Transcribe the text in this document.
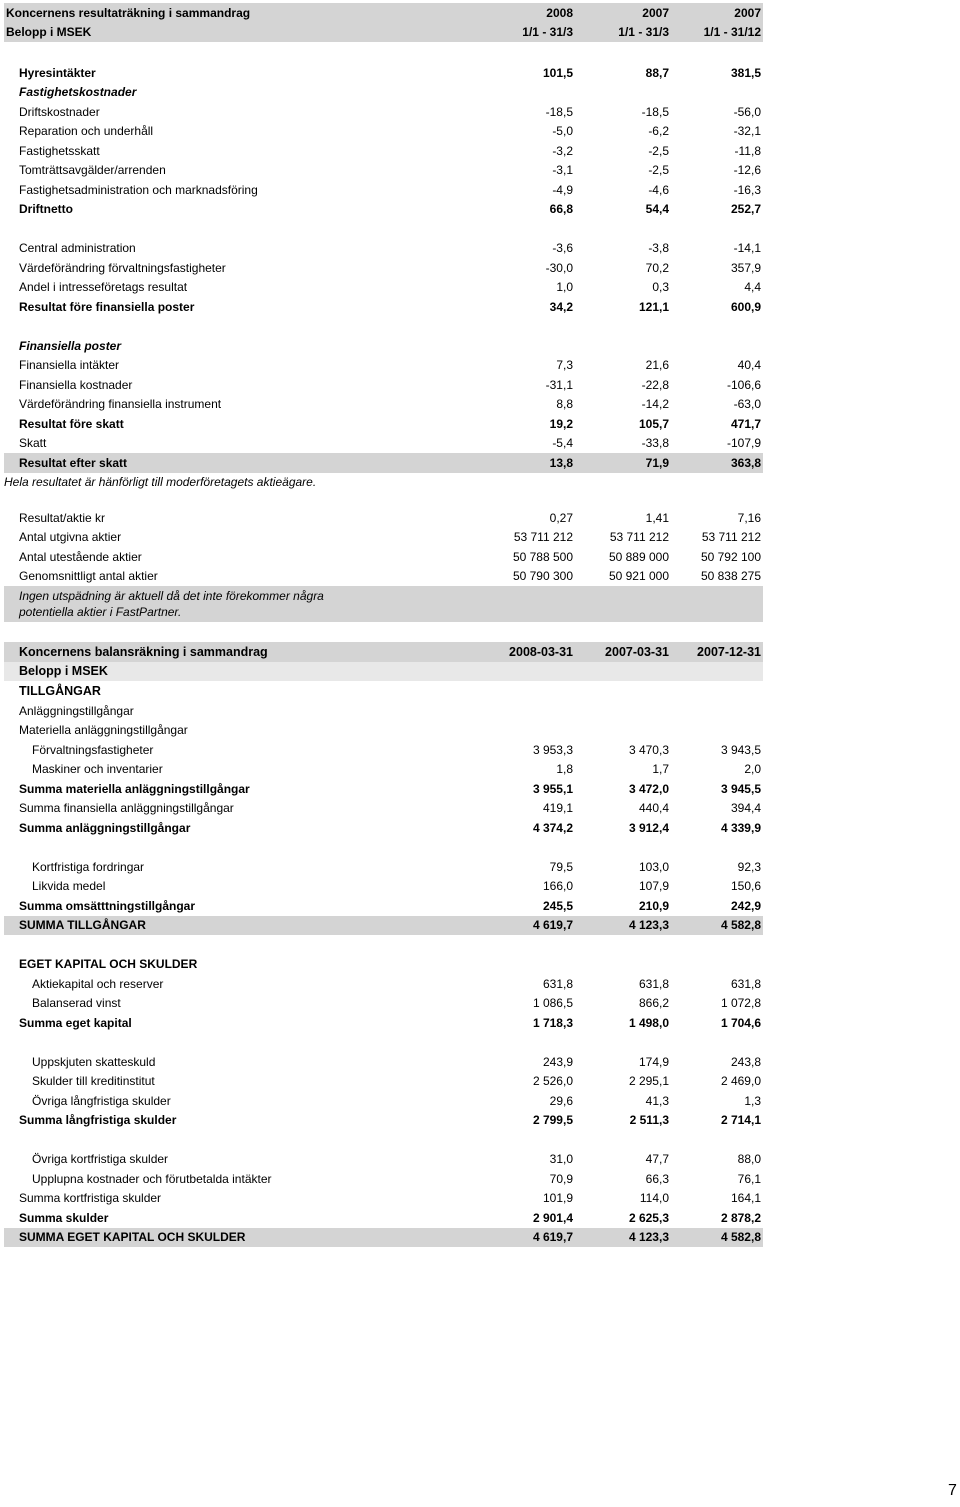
Koncernens resultaträkning i sammandrag	2008	2007	2007
Belopp i MSEK	1/1 - 31/3	1/1 - 31/3	1/1 - 31/12
Hyresintäkter	101,5	88,7	381,5
Fastighetskostnader
Driftskostnader	-18,5	-18,5	-56,0
Reparation och underhåll	-5,0	-6,2	-32,1
Fastighetsskatt	-3,2	-2,5	-11,8
Tomträttsavgälder/arrenden	-3,1	-2,5	-12,6
Fastighetsadministration och marknadsföring	-4,9	-4,6	-16,3
Driftnetto	66,8	54,4	252,7
Central administration	-3,6	-3,8	-14,1
Värdeförändring förvaltningsfastigheter	-30,0	70,2	357,9
Andel i intresseföretags resultat	1,0	0,3	4,4
Resultat före finansiella poster	34,2	121,1	600,9
Finansiella poster
Finansiella intäkter	7,3	21,6	40,4
Finansiella kostnader	-31,1	-22,8	-106,6
Värdeförändring finansiella instrument	8,8	-14,2	-63,0
Resultat före skatt	19,2	105,7	471,7
Skatt	-5,4	-33,8	-107,9
Resultat efter skatt	13,8	71,9	363,8
Hela resultatet är hänförligt till moderföretagets aktieägare.
Resultat/aktie kr	0,27	1,41	7,16
Antal utgivna aktier	53 711 212	53 711 212	53 711 212
Antal utestående aktier	50 788 500	50 889 000	50 792 100
Genomsnittligt antal aktier	50 790 300	50 921 000	50 838 275
Ingen utspädning är aktuell då det inte förekommer några potentiella aktier i FastPartner.
Koncernens balansräkning i sammandrag	2008-03-31	2007-03-31 2007-12-31
Belopp i MSEK
TILLGÅNGAR
Anläggningstillgångar
Materiella anläggningstillgångar
Förvaltningsfastigheter	3 953,3	3 470,3	3 943,5
Maskiner och inventarier	1,8	1,7	2,0
Summa materiella anläggningstillgångar	3 955,1	3 472,0	3 945,5
Summa finansiella anläggningstillgångar	419,1	440,4	394,4
Summa anläggningstillgångar	4 374,2	3 912,4	4 339,9
Kortfristiga fordringar	79,5	103,0	92,3
Likvida medel	166,0	107,9	150,6
Summa omsätttningstillgångar	245,5	210,9	242,9
SUMMA TILLGÅNGAR	4 619,7	4 123,3	4 582,8
EGET KAPITAL OCH SKULDER
Aktiekapital och reserver	631,8	631,8	631,8
Balanserad vinst	1 086,5	866,2	1 072,8
Summa eget kapital	1 718,3	1 498,0	1 704,6
Uppskjuten skatteskuld	243,9	174,9	243,8
Skulder till kreditinstitut	2 526,0	2 295,1	2 469,0
Övriga långfristiga skulder	29,6	41,3	1,3
Summa långfristiga skulder	2 799,5	2 511,3	2 714,1
Övriga kortfristiga skulder	31,0	47,7	88,0
Upplupna kostnader och förutbetalda intäkter	70,9	66,3	76,1
Summa kortfristiga skulder	101,9	114,0	164,1
Summa skulder	2 901,4	2 625,3	2 878,2
SUMMA EGET KAPITAL OCH SKULDER	4 619,7	4 123,3	4 582,8
7
